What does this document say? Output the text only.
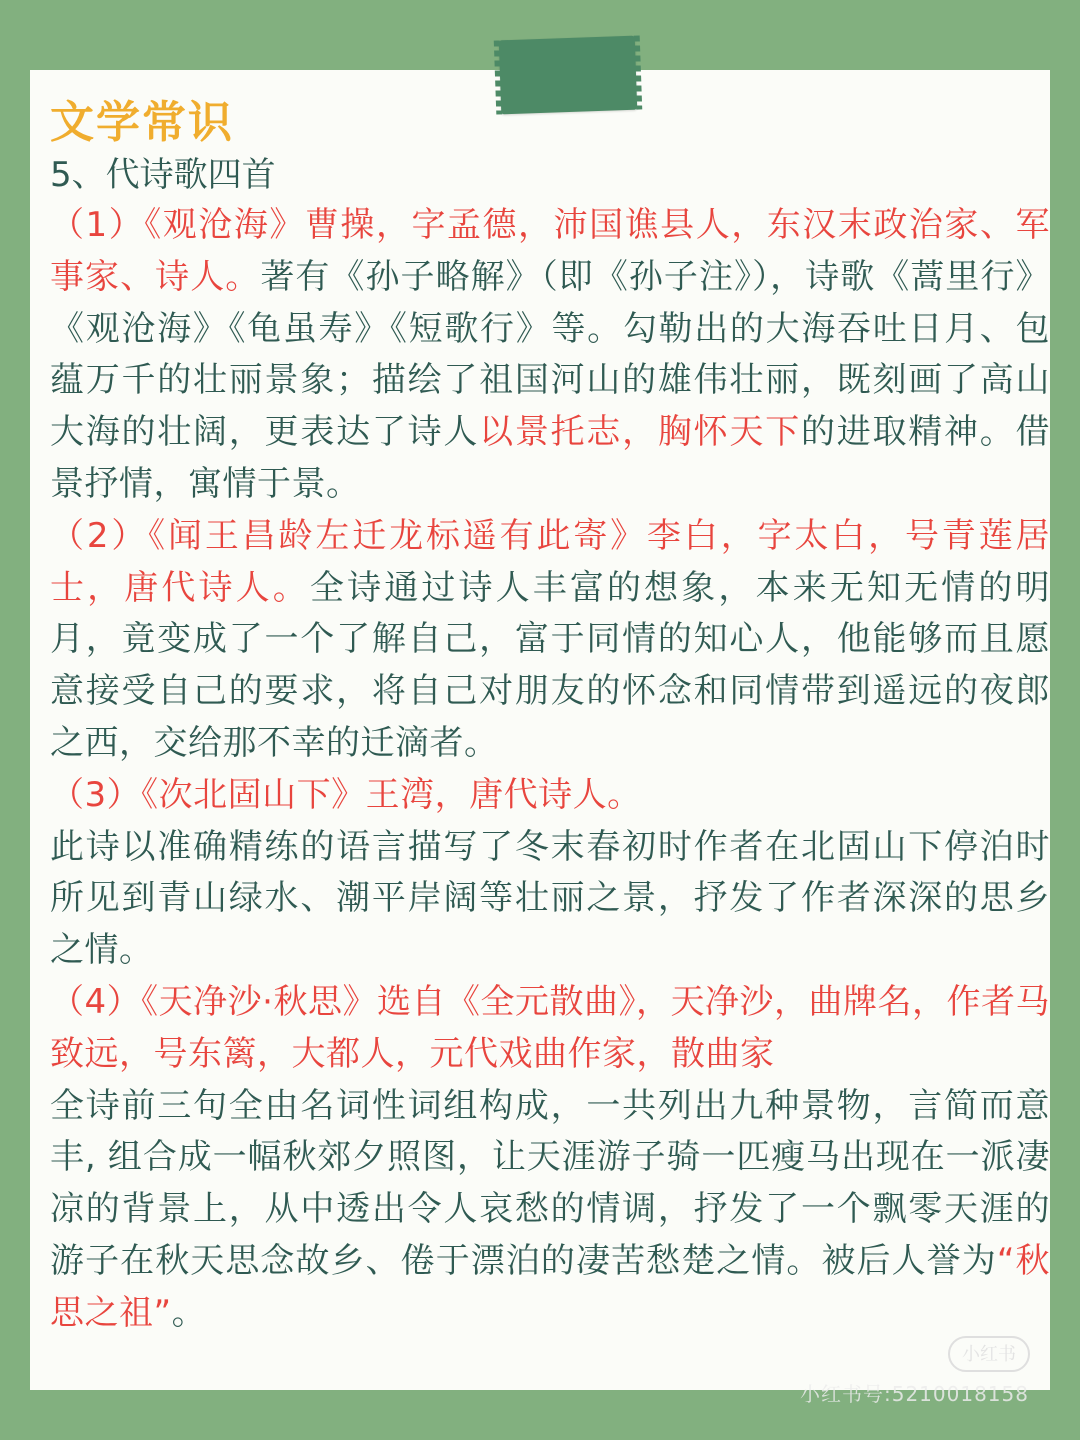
文学常识
5、代诗歌四首

（1）《观沧海》曹操，字孟德，沛国谯县人，东汉末政治家、军事家、诗人。著有《孙子略解》（即《孙子注》），诗歌《蒿里行》《观沧海》《龟虽寿》《短歌行》等。勾勒出的大海吞吐日月、包蕴万千的壮丽景象；描绘了祖国河山的雄伟壮丽，既刻画了高山大海的壮阔，更表达了诗人以景托志，胸怀天下的进取精神。借景抒情，寓情于景。

（2）《闻王昌龄左迁龙标遥有此寄》李白，字太白，号青莲居士，唐代诗人。全诗通过诗人丰富的想象，本来无知无情的明月，竟变成了一个了解自己，富于同情的知心人，他能够而且愿意接受自己的要求，将自己对朋友的怀念和同情带到遥远的夜郎之西，交给那不幸的迁滴者。

（3）《次北固山下》王湾，唐代诗人。

此诗以准确精练的语言描写了冬末春初时作者在北固山下停泊时所见到青山绿水、潮平岸阔等壮丽之景，抒发了作者深深的思乡之情。

（4）《天净沙·秋思》选自《全元散曲》，天净沙，曲牌名，作者马致远，号东篱，大都人，元代戏曲作家，散曲家

全诗前三句全由名词性词组构成，一共列出九种景物，言简而意丰, 组合成一幅秋郊夕照图，让天涯游子骑一匹瘦马出现在一派凄凉的背景上，从中透出令人哀愁的情调，抒发了一个飘零天涯的游子在秋天思念故乡、倦于漂泊的凄苦愁楚之情。被后人誉为“秋思之祖”。

小红书
小红书号:5210018158
